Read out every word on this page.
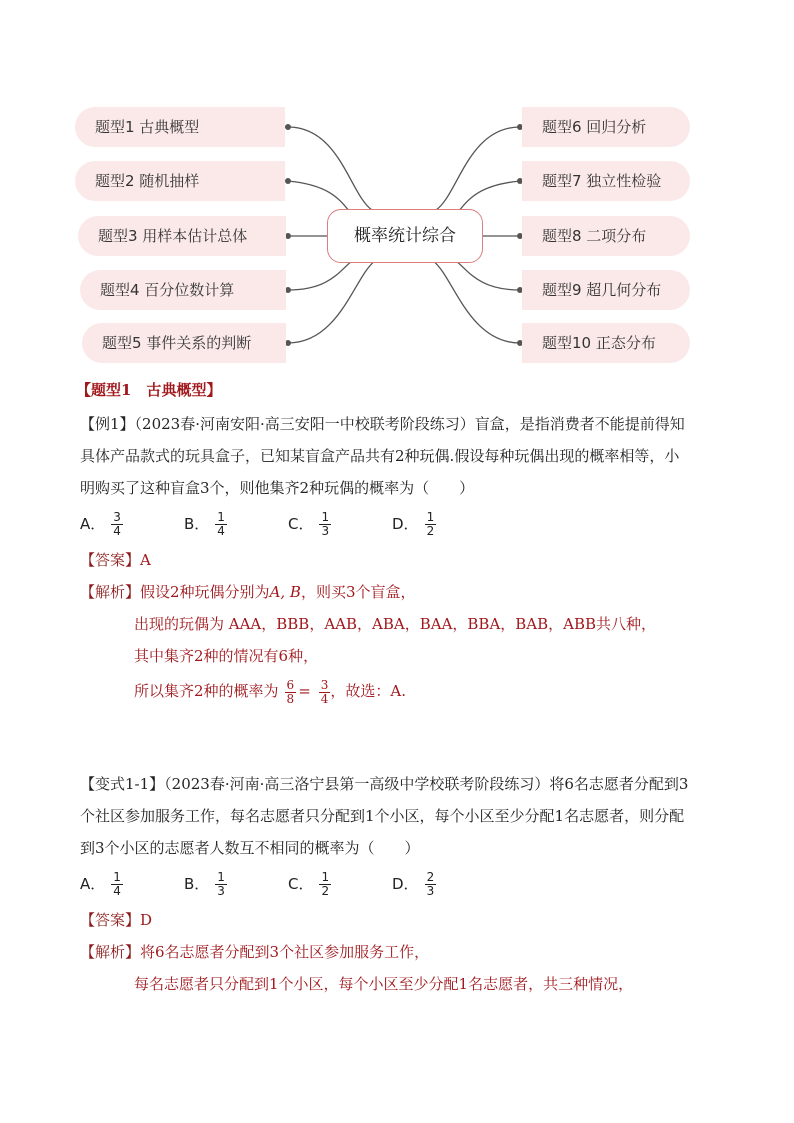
题型1 古典概型
题型2 随机抽样
题型3 用样本估计总体
题型4 百分位数计算
题型5 事件关系的判断
题型6 回归分析
题型7 独立性检验
题型8 二项分布
题型9 超几何分布
题型10 正态分布
概率统计综合
【题型1　古典概型】
【例1】（2023春·河南安阳·高三安阳一中校联考阶段练习）盲盒，是指消费者不能提前得知
具体产品款式的玩具盒子，已知某盲盒产品共有2种玩偶.假设每种玩偶出现的概率相等，小
明购买了这种盲盒3个，则他集齐2种玩偶的概率为（　　）
A． $\frac{3}{4}$	B． $\frac{1}{4}$	C． $\frac{1}{3}$	D． $\frac{1}{2}$
【答案】A
【解析】假设2种玩偶分别为A, B，则买3个盲盒，
出现的玩偶为 AAA，BBB，AAB，ABA，BAA，BBA，BAB，ABB共八种，
其中集齐2种的情况有6种，
所以集齐2种的概率为 $\frac{6}{8} = \frac{3}{4}$ ，故选：A.
【变式1-1】（2023春·河南·高三洛宁县第一高级中学校联考阶段练习）将6名志愿者分配到3
个社区参加服务工作，每名志愿者只分配到1个小区，每个小区至少分配1名志愿者，则分配
到3个小区的志愿者人数互不相同的概率为（　　）
A． $\frac{1}{4}$	B． $\frac{1}{3}$	C． $\frac{1}{2}$	D． $\frac{2}{3}$
【答案】D
【解析】将6名志愿者分配到3个社区参加服务工作，
每名志愿者只分配到1个小区，每个小区至少分配1名志愿者，共三种情况，
